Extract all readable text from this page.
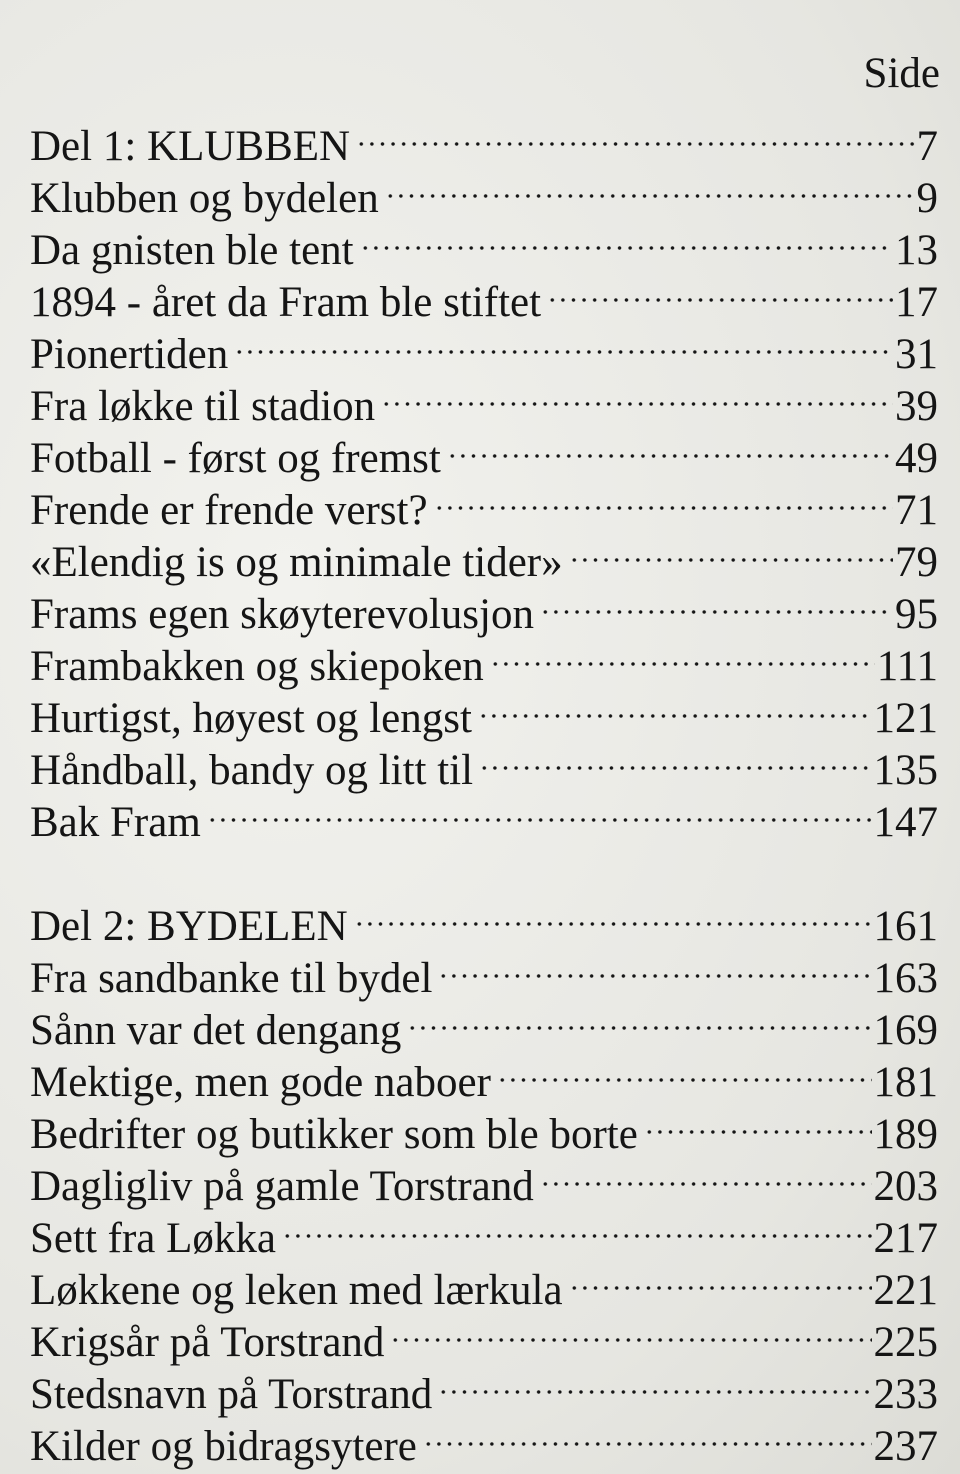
Side
Del 1: KLUBBEN	7
Klubben og bydelen	9
Da gnisten ble tent	13
1894 - året da Fram ble stiftet	17
Pionertiden	31
Fra løkke til stadion	39
Fotball - først og fremst	49
Frende er frende verst?	71
«Elendig is og minimale tider»	79
Frams egen skøyterevolusjon	95
Frambakken og skiepoken	111
Hurtigst, høyest og lengst	121
Håndball, bandy og litt til	135
Bak Fram	147
Del 2: BYDELEN	161
Fra sandbanke til bydel	163
Sånn var det dengang	169
Mektige, men gode naboer	181
Bedrifter og butikker som ble borte	189
Dagligliv på gamle Torstrand	203
Sett fra Løkka	217
Løkkene og leken med lærkula	221
Krigsår på Torstrand	225
Stedsnavn på Torstrand	233
Kilder og bidragsytere	237
